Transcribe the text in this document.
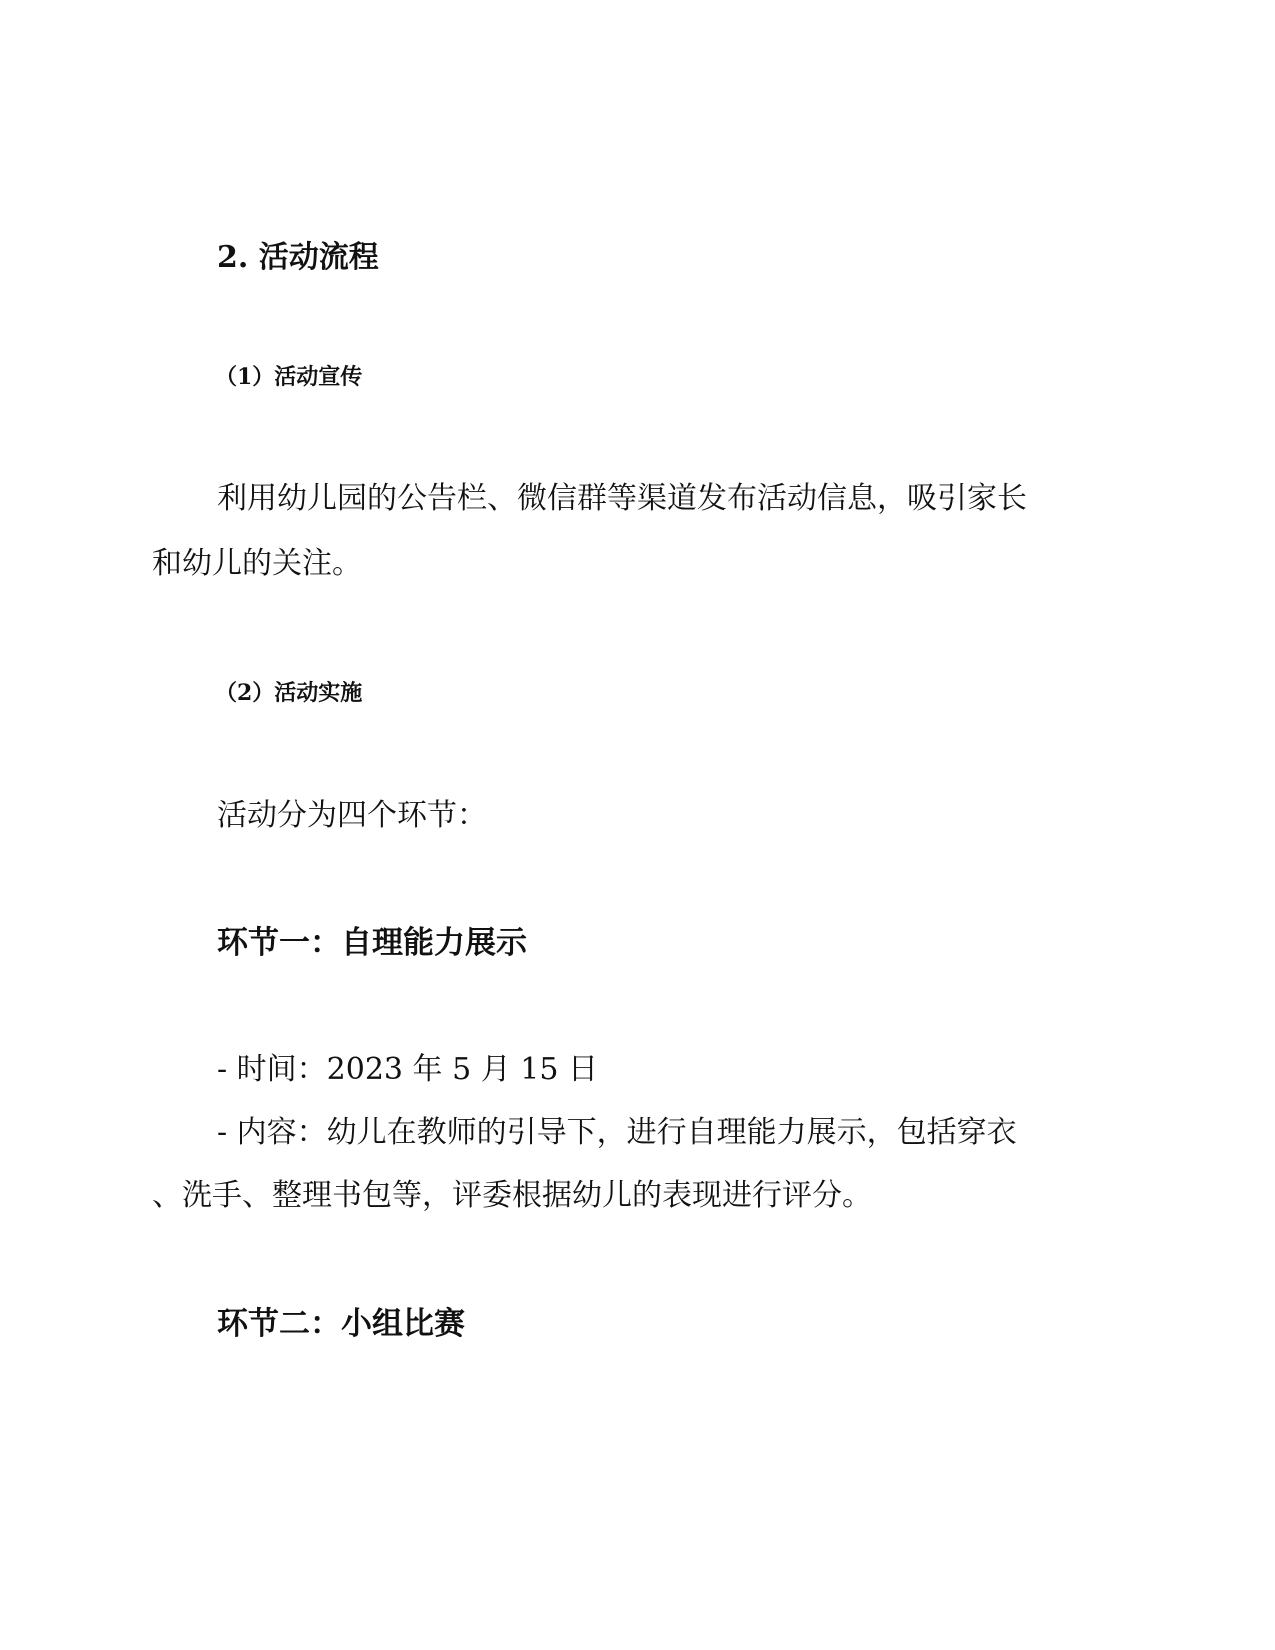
2. 活动流程
（1）活动宣传
利用幼儿园的公告栏、微信群等渠道发布活动信息，吸引家长
和幼儿的关注。
（2）活动实施
活动分为四个环节：
环节一：自理能力展示
- 时间：2023 年 5 月 15 日
- 内容：幼儿在教师的引导下，进行自理能力展示，包括穿衣
、洗手、整理书包等，评委根据幼儿的表现进行评分。
环节二：小组比赛
